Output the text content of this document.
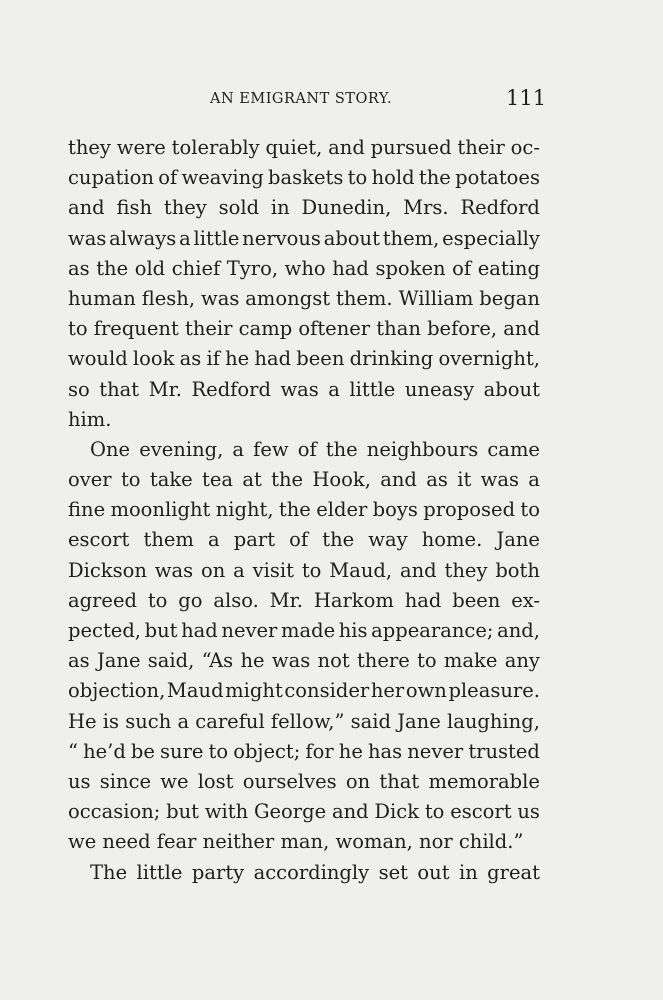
AN EMIGRANT STORY.	111
they were tolerably quiet, and pursued their oc-
cupation of weaving baskets to hold the potatoes
and fish they sold in Dunedin, Mrs. Redford
was always a little nervous about them, especially
as the old chief Tyro, who had spoken of eating
human flesh, was amongst them. William began
to frequent their camp oftener than before, and
would look as if he had been drinking overnight,
so that Mr. Redford was a little uneasy about
him.
One evening, a few of the neighbours came
over to take tea at the Hook, and as it was a
fine moonlight night, the elder boys proposed to
escort them a part of the way home. Jane
Dickson was on a visit to Maud, and they both
agreed to go also. Mr. Harkom had been ex-
pected, but had never made his appearance; and,
as Jane said, “As he was not there to make any
objection, Maud might consider her own pleasure.
He is such a careful fellow,” said Jane laughing,
“ he’d be sure to object; for he has never trusted
us since we lost ourselves on that memorable
occasion; but with George and Dick to escort us
we need fear neither man, woman, nor child.”
The little party accordingly set out in great
